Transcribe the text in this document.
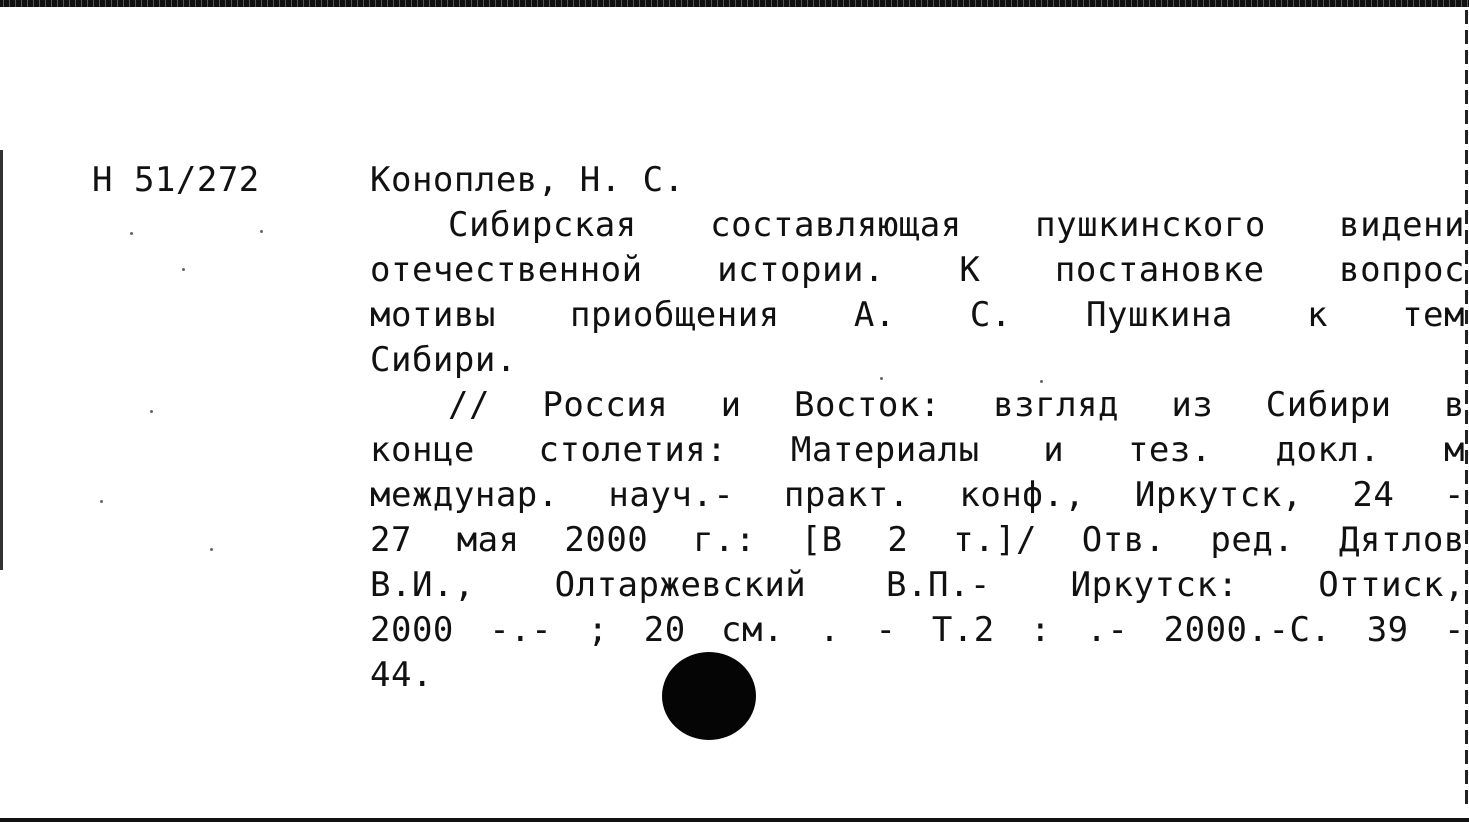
Н 51/272	Коноплев, Н. С.
Сибирская составляющая пушкинского видени
отечественной истории. К постановке вопрос
мотивы приобщения А. С. Пушкина к тем
Сибири.
// Россия и Восток: взгляд из Сибири в
конце столетия: Материалы и тез. докл. м
междунар. науч.- практ. конф., Иркутск, 24 -
27 мая 2000 г.: [В 2 т.]/ Отв. ред. Дятлов
В.И., Олтаржевский В.П.- Иркутск: Оттиск,
2000 -.- ; 20 см. . - Т.2 : .- 2000.-С. 39 -
44.
